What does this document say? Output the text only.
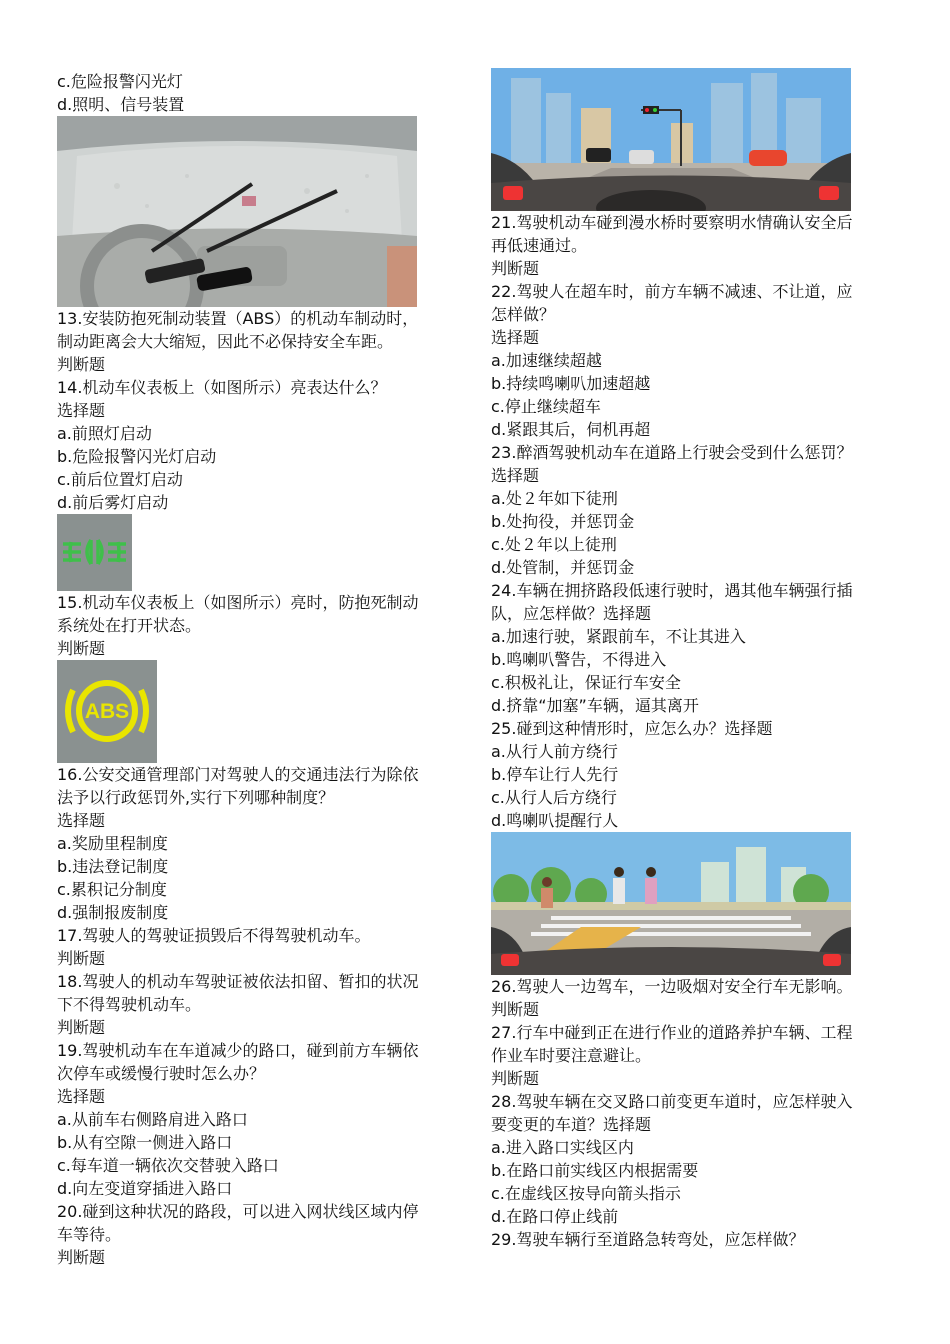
c.危险报警闪光灯

d.照明、信号装置

13.安装防抱死制动装置（ABS）的机动车制动时，

制动距离会大大缩短，因此不必保持安全车距。

判断题

14.机动车仪表板上（如图所示）亮表达什么？

选择题

a.前照灯启动

b.危险报警闪光灯启动

c.前后位置灯启动

d.前后雾灯启动

15.机动车仪表板上（如图所示）亮时，防抱死制动

系统处在打开状态。

判断题

ABS

16.公安交通管理部门对驾驶人的交通违法行为除依

法予以行政惩罚外,实行下列哪种制度？

选择题

a.奖励里程制度

b.违法登记制度

c.累积记分制度

d.强制报废制度

17.驾驶人的驾驶证损毁后不得驾驶机动车。

判断题

18.驾驶人的机动车驾驶证被依法扣留、暂扣的状况

下不得驾驶机动车。

判断题

19.驾驶机动车在车道减少的路口，碰到前方车辆依

次停车或缓慢行驶时怎么办？

选择题

a.从前车右侧路肩进入路口

b.从有空隙一侧进入路口

c.每车道一辆依次交替驶入路口

d.向左变道穿插进入路口

20.碰到这种状况的路段，可以进入网状线区域内停

车等待。

判断题

21.驾驶机动车碰到漫水桥时要察明水情确认安全后

再低速通过。

判断题

22.驾驶人在超车时，前方车辆不减速、不让道，应

怎样做？

选择题

a.加速继续超越

b.持续鸣喇叭加速超越

c.停止继续超车

d.紧跟其后，伺机再超

23.醉酒驾驶机动车在道路上行驶会受到什么惩罚？

选择题

a.处２年如下徒刑

b.处拘役，并惩罚金

c.处２年以上徒刑

d.处管制，并惩罚金

24.车辆在拥挤路段低速行驶时，遇其他车辆强行插

队，应怎样做？选择题

a.加速行驶，紧跟前车，不让其进入

b.鸣喇叭警告，不得进入

c.积极礼让，保证行车安全

d.挤靠“加塞”车辆，逼其离开

25.碰到这种情形时，应怎么办？选择题

a.从行人前方绕行

b.停车让行人先行

c.从行人后方绕行

d.鸣喇叭提醒行人

26.驾驶人一边驾车，一边吸烟对安全行车无影响。

判断题

27.行车中碰到正在进行作业的道路养护车辆、工程

作业车时要注意避让。

判断题

28.驾驶车辆在交叉路口前变更车道时，应怎样驶入

要变更的车道？选择题

a.进入路口实线区内

b.在路口前实线区内根据需要

c.在虚线区按导向箭头指示

d.在路口停止线前

29.驾驶车辆行至道路急转弯处，应怎样做？
